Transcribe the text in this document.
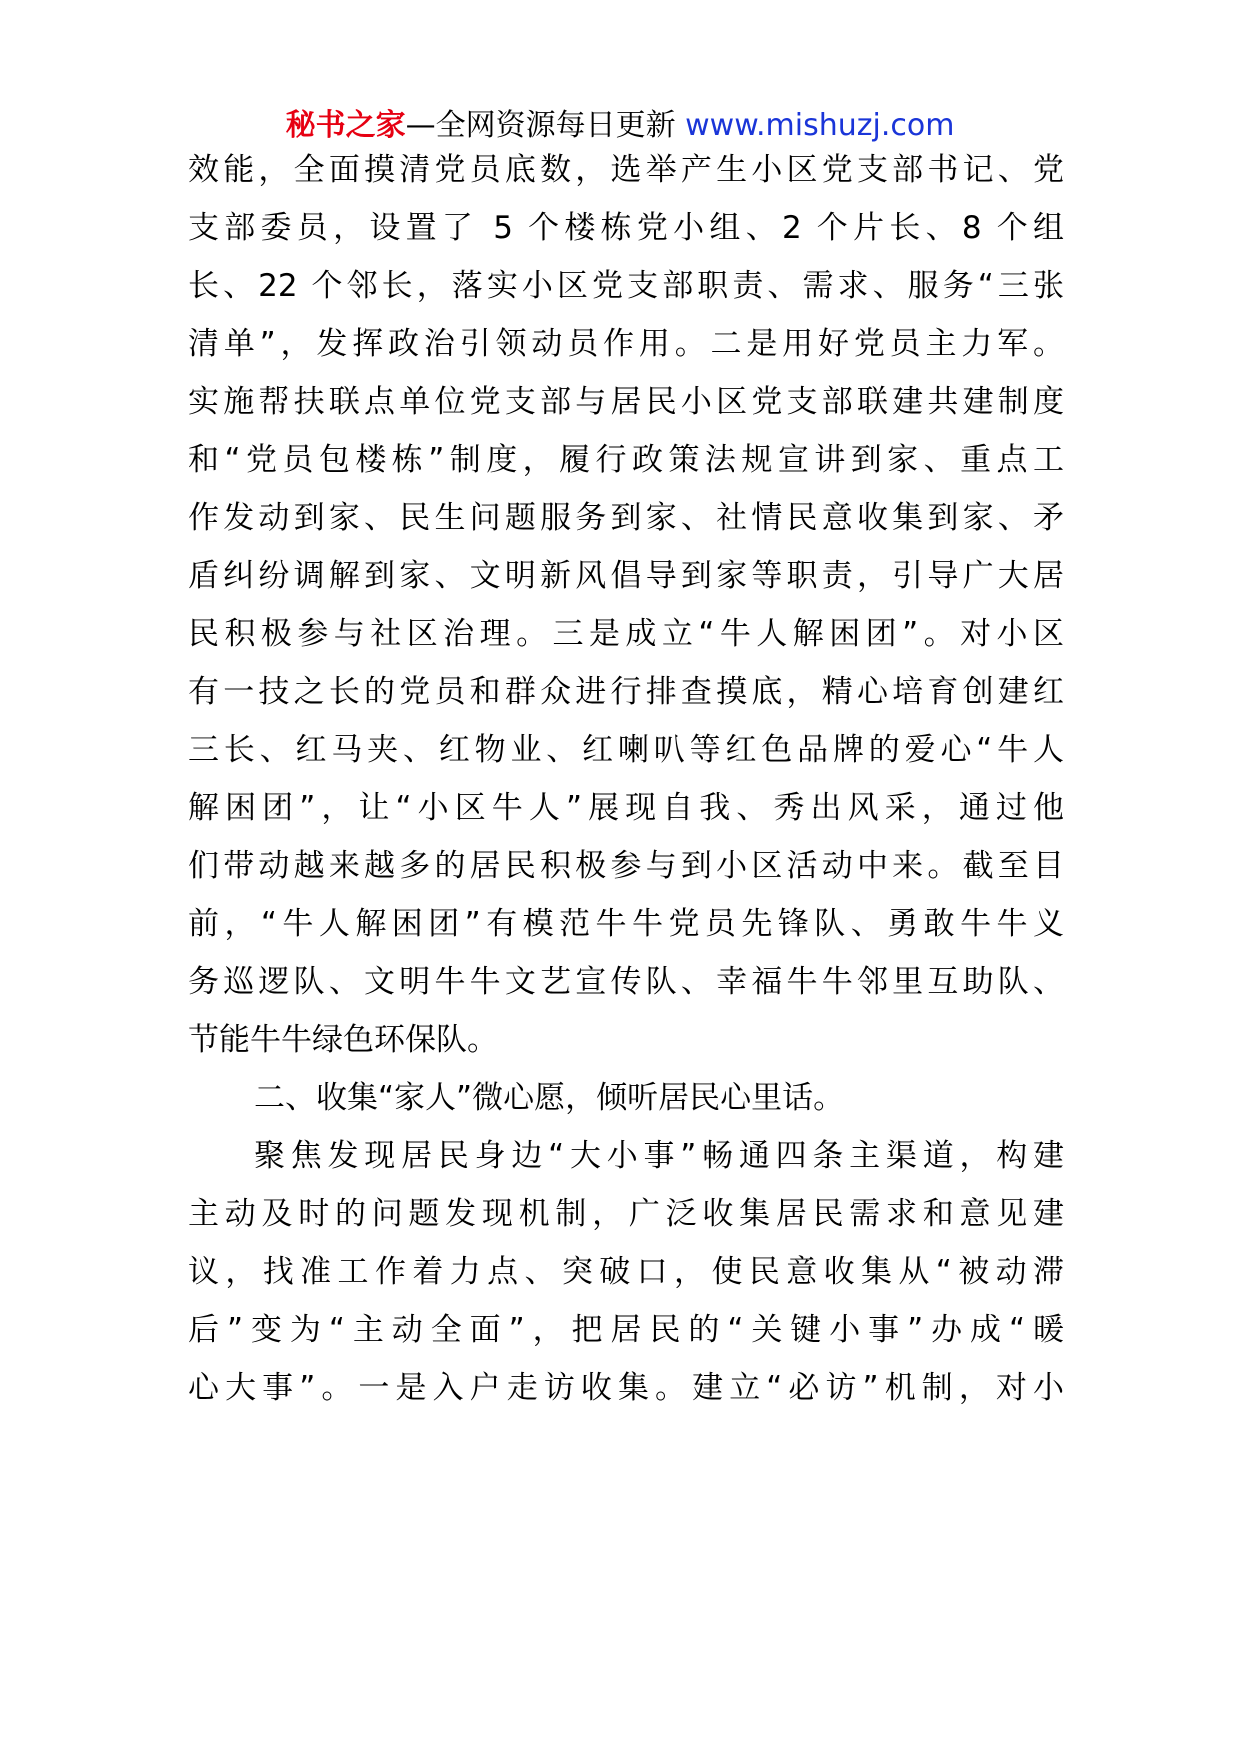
秘书之家—全网资源每日更新 www.mishuzj.com
效能，全面摸清党员底数，选举产生小区党支部书记、党
支部委员，设置了 5 个楼栋党小组、2 个片长、8 个组
长、22 个邻长，落实小区党支部职责、需求、服务“三张
清单”，发挥政治引领动员作用。二是用好党员主力军。
实施帮扶联点单位党支部与居民小区党支部联建共建制度
和“党员包楼栋”制度，履行政策法规宣讲到家、重点工
作发动到家、民生问题服务到家、社情民意收集到家、矛
盾纠纷调解到家、文明新风倡导到家等职责，引导广大居
民积极参与社区治理。三是成立“牛人解困团”。对小区
有一技之长的党员和群众进行排查摸底，精心培育创建红
三长、红马夹、红物业、红喇叭等红色品牌的爱心“牛人
解困团”，让“小区牛人”展现自我、秀出风采，通过他
们带动越来越多的居民积极参与到小区活动中来。截至目
前，“牛人解困团”有模范牛牛党员先锋队、勇敢牛牛义
务巡逻队、文明牛牛文艺宣传队、幸福牛牛邻里互助队、
节能牛牛绿色环保队。
二、收集“家人”微心愿，倾听居民心里话。
聚焦发现居民身边“大小事”畅通四条主渠道，构建
主动及时的问题发现机制，广泛收集居民需求和意见建
议，找准工作着力点、突破口，使民意收集从“被动滞
后”变为“主动全面”，把居民的“关键小事”办成“暖
心大事”。一是入户走访收集。建立“必访”机制，对小
